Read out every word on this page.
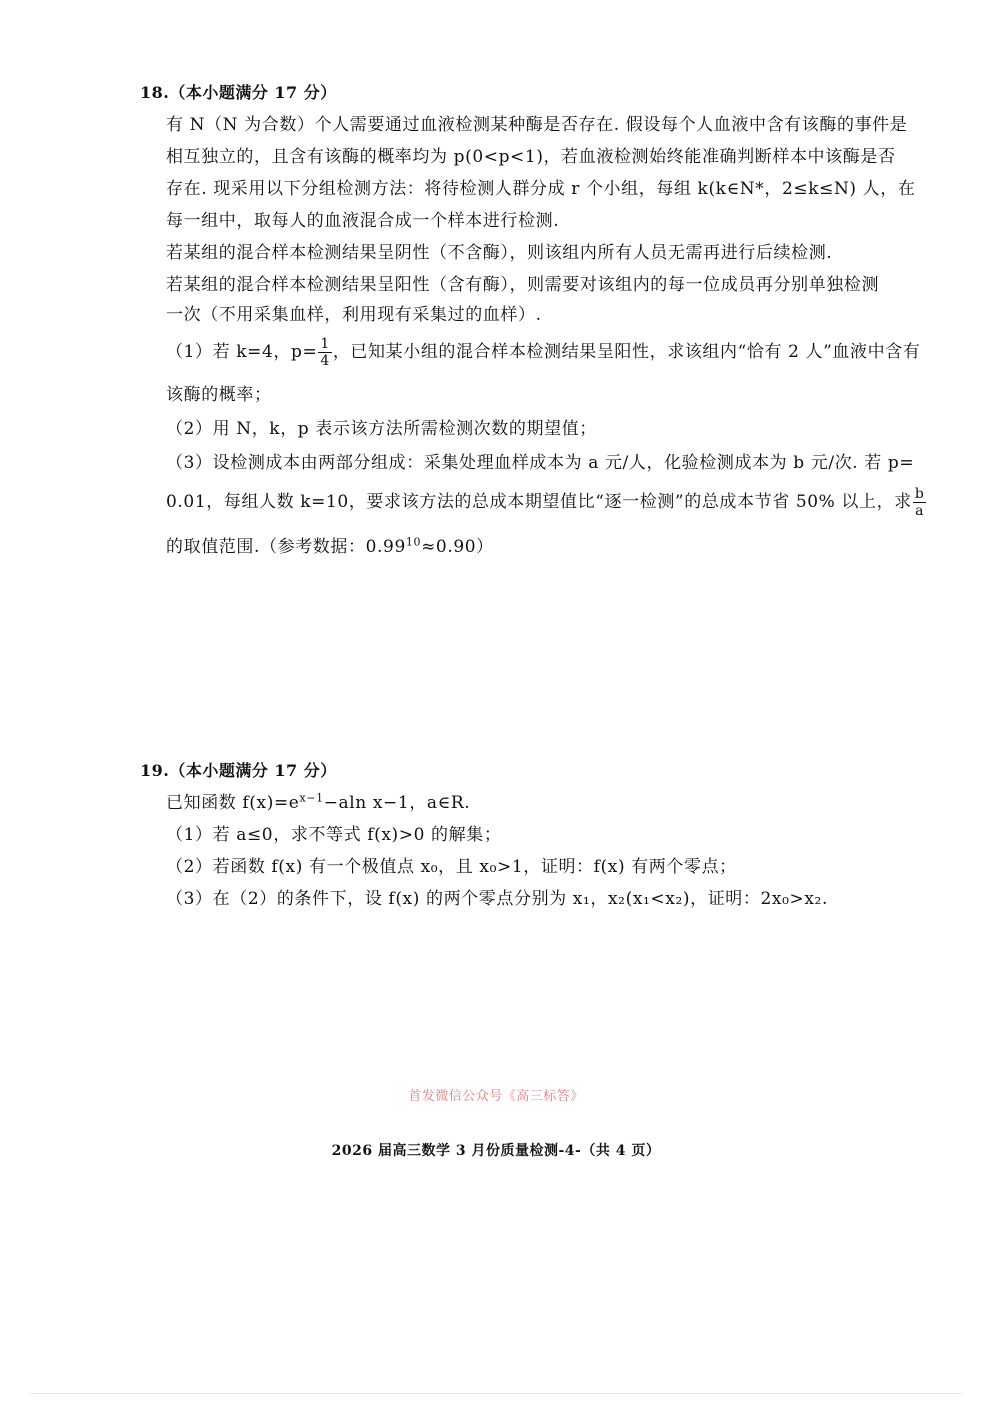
18.（本小题满分 17 分）
有 N（N 为合数）个人需要通过血液检测某种酶是否存在. 假设每个人血液中含有该酶的事件是
相互独立的，且含有该酶的概率均为 p(0<p<1)，若血液检测始终能准确判断样本中该酶是否
存在. 现采用以下分组检测方法：将待检测人群分成 r 个小组，每组 k(k∈N*，2≤k≤N) 人，在
每一组中，取每人的血液混合成一个样本进行检测.
若某组的混合样本检测结果呈阴性（不含酶），则该组内所有人员无需再进行后续检测.
若某组的混合样本检测结果呈阳性（含有酶），则需要对该组内的每一位成员再分别单独检测
一次（不用采集血样，利用现有采集过的血样）.
（1）若 k=4，$p= \frac{1}{4}$ ，已知某小组的混合样本检测结果呈阳性，求该组内“恰有 2 人”血液中含有
该酶的概率；
（2）用 N，k，p 表示该方法所需检测次数的期望值；
（3）设检测成本由两部分组成：采集处理血样成本为 a 元/人，化验检测成本为 b 元/次. 若 p=
0.01，每组人数 k=10，要求该方法的总成本期望值比“逐一检测”的总成本节省 50% 以上，求 $\frac{b}{a}$
的取值范围.（参考数据：$0.99^{10}\approx 0.90$）
19.（本小题满分 17 分）
已知函数 $f(x)=e^{x-1}-aln$ x−1，a∈R.
（1）若 a≤0，求不等式 f(x)>0 的解集；
（2）若函数 f(x) 有一个极值点 x₀，且 x₀>1，证明：f(x) 有两个零点；
（3）在（2）的条件下，设 f(x) 的两个零点分别为 x₁，x₂(x₁<x₂)，证明：2x₀>x₂.
首发微信公众号《高三标答》
2026 届高三数学 3 月份质量检测-4-（共 4 页）
